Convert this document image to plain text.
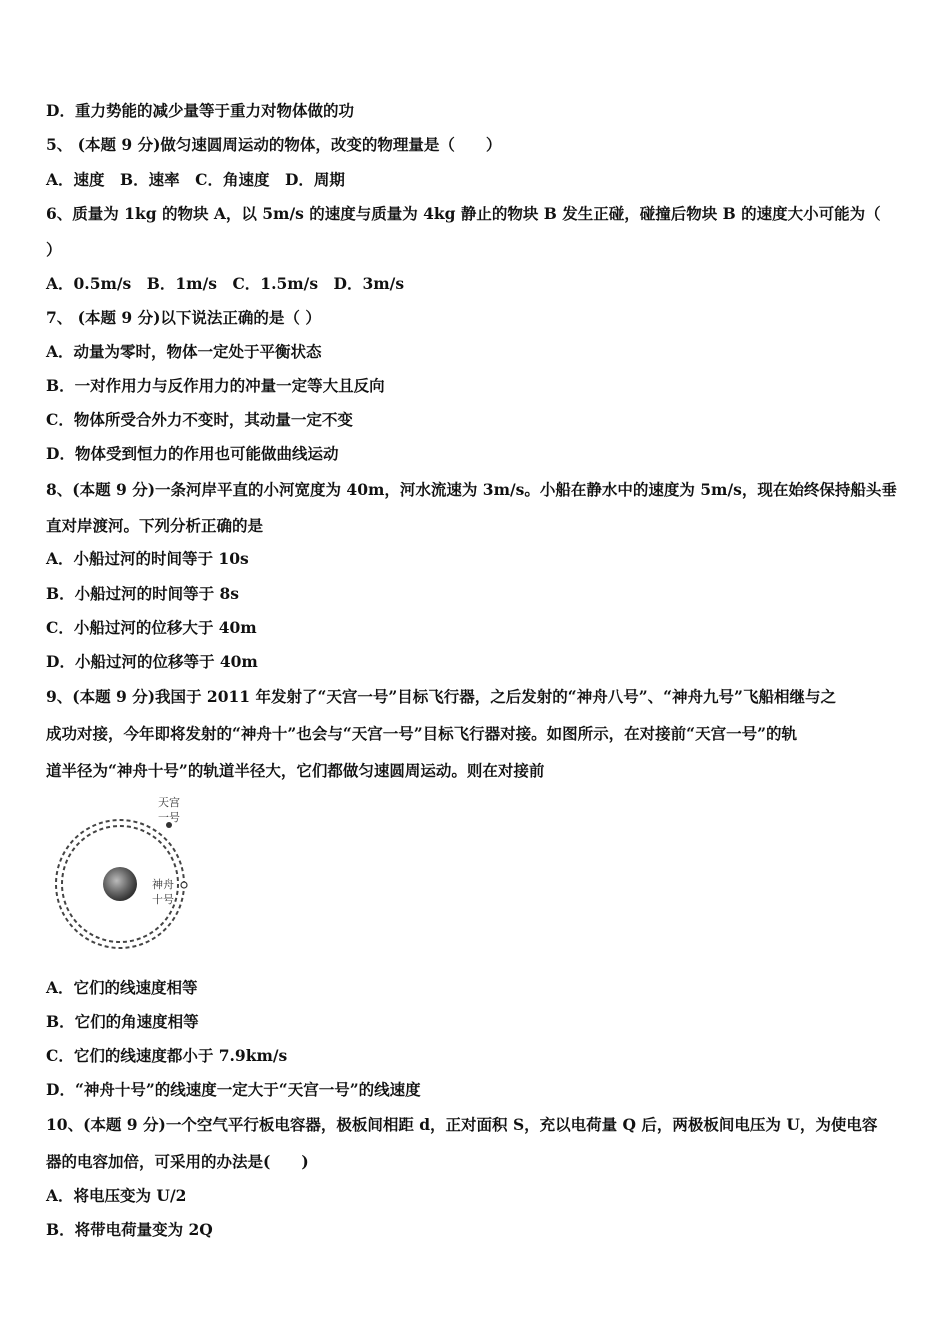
D．重力势能的减少量等于重力对物体做的功
5、 (本题 9 分)做匀速圆周运动的物体，改变的物理量是（　　）
A．速度　B．速率　C．角速度　D．周期
6、质量为 1kg 的物块 A，以 5m/s 的速度与质量为 4kg 静止的物块 B 发生正碰，碰撞后物块 B 的速度大小可能为（
）
A．0.5m/s　B．1m/s　C．1.5m/s　D．3m/s
7、 (本题 9 分)以下说法正确的是（ ）
A．动量为零时，物体一定处于平衡状态
B．一对作用力与反作用力的冲量一定等大且反向
C．物体所受合外力不变时，其动量一定不变
D．物体受到恒力的作用也可能做曲线运动
8、(本题 9 分)一条河岸平直的小河宽度为 40m，河水流速为 3m/s。小船在静水中的速度为 5m/s，现在始终保持船头垂
直对岸渡河。下列分析正确的是
A．小船过河的时间等于 10s
B．小船过河的时间等于 8s
C．小船过河的位移大于 40m
D．小船过河的位移等于 40m
9、(本题 9 分)我国于 2011 年发射了“天宫一号”目标飞行器，之后发射的“神舟八号”、“神舟九号”飞船相继与之
成功对接，今年即将发射的“神舟十”也会与“天宫一号”目标飞行器对接。如图所示，在对接前“天宫一号”的轨
道半径为“神舟十号”的轨道半径大，它们都做匀速圆周运动。则在对接前
天宫
一号
神舟
十号
A．它们的线速度相等
B．它们的角速度相等
C．它们的线速度都小于 7.9km/s
D．“神舟十号”的线速度一定大于“天宫一号”的线速度
10、(本题 9 分)一个空气平行板电容器，极板间相距 d，正对面积 S，充以电荷量 Q 后，两极板间电压为 U，为使电容
器的电容加倍，可采用的办法是(　　)
A．将电压变为 U/2
B．将带电荷量变为 2Q
